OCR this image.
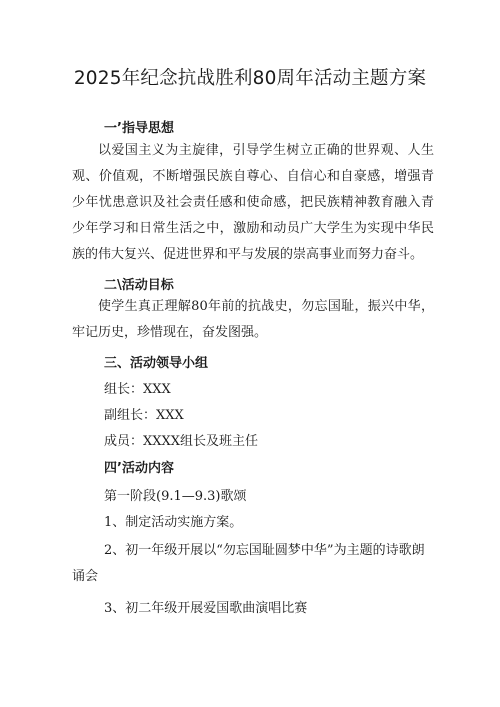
2025年纪念抗战胜利80周年活动主题方案
一’指导思想
以爱国主义为主旋律，引导学生树立正确的世界观、人生观、价值观，不断增强民族自尊心、自信心和自豪感，增强青少年忧患意识及社会责任感和使命感，把民族精神教育融入青少年学习和日常生活之中，激励和动员广大学生为实现中华民族的伟大复兴、促进世界和平与发展的崇高事业而努力奋斗。
二\活动目标
使学生真正理解80年前的抗战史，勿忘国耻，振兴中华，牢记历史，珍惜现在，奋发图强。
三、活动领导小组
组长：XXX
副组长：XXX
成员：XXXX组长及班主任
四’活动内容
第一阶段(9.1—9.3)歌颂
1、制定活动实施方案。
2、初一年级开展以“勿忘国耻圆梦中华”为主题的诗歌朗
诵会
3、初二年级开展爱国歌曲演唱比赛
